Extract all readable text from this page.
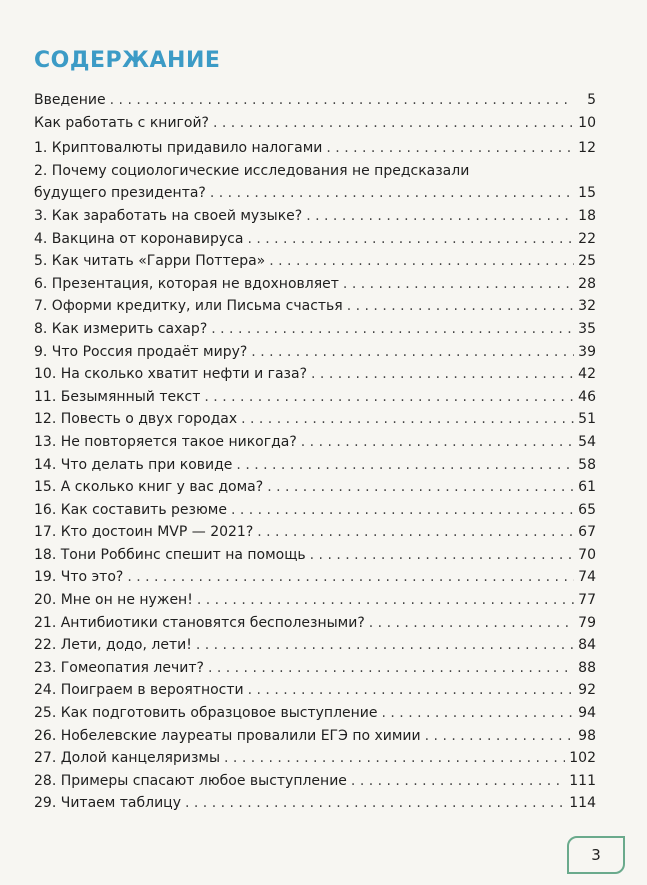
СОДЕРЖАНИЕ
Введение . . .	5
Как работать с книгой? . . .	10
1. Криптовалюты придавило налогами . . .	12
2. Почему социологические исследования не предсказали
будущего президента? . . .	15
3. Как заработать на своей музыке? . . .	18
4. Вакцина от коронавируса . . .	22
5. Как читать «Гарри Поттера» . . .	25
6. Презентация, которая не вдохновляет . . .	28
7. Оформи кредитку, или Письма счастья . . .	32
8. Как измерить сахар? . . .	35
9. Что Россия продаёт миру? . . .	39
10. На сколько хватит нефти и газа? . . .	42
11. Безымянный текст . . .	46
12. Повесть о двух городах . . .	51
13. Не повторяется такое никогда? . . .	54
14. Что делать при ковиде . . .	58
15. А сколько книг у вас дома? . . .	61
16. Как составить резюме . . .	65
17. Кто достоин MVP — 2021? . . .	67
18. Тони Роббинс спешит на помощь . . .	70
19. Что это? . . .	74
20. Мне он не нужен! . . .	77
21. Антибиотики становятся бесполезными? . . .	79
22. Лети, додо, лети! . . .	84
23. Гомеопатия лечит? . . .	88
24. Поиграем в вероятности . . .	92
25. Как подготовить образцовое выступление . . .	94
26. Нобелевские лауреаты провалили ЕГЭ по химии . . .	98
27. Долой канцеляризмы . . .	102
28. Примеры спасают любое выступление . . .	111
29. Читаем таблицу . . .	114
3
